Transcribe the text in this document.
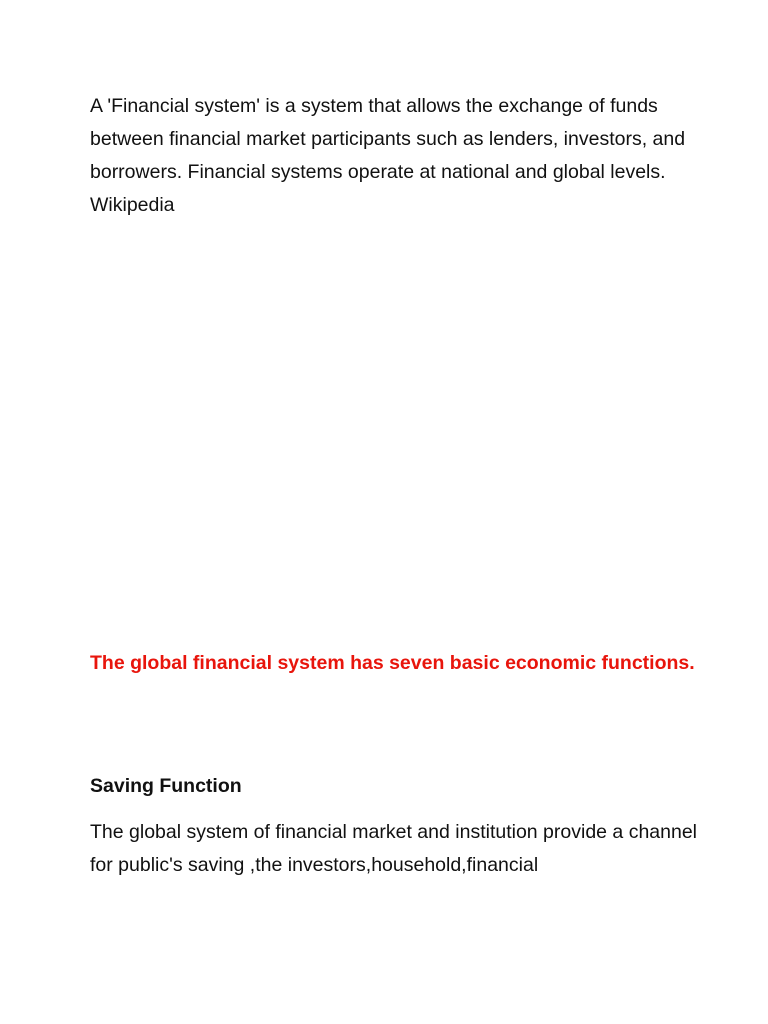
A 'Financial system' is a system that allows the exchange of funds between financial market participants such as lenders, investors, and borrowers. Financial systems operate at national and global levels. Wikipedia

The global financial system has seven basic economic functions.

Saving Function

The global system of financial market and institution provide a channel for public's saving ,the investors,household,financial
